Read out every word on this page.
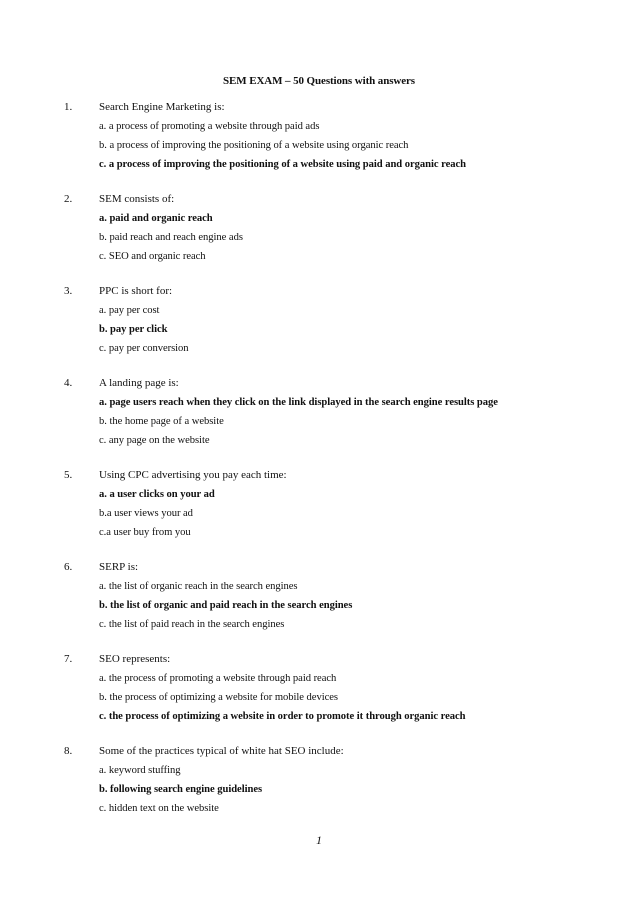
SEM EXAM – 50 Questions with answers
1.	Search Engine Marketing is:
a. a process of promoting a website through paid ads
b. a process of improving the positioning of a website using organic reach
c. a process of improving the positioning of a website using paid and organic reach
2.	SEM consists of:
a. paid and organic reach
b. paid reach and reach engine ads
c. SEO and organic reach
3.	PPC is short for:
a. pay per cost
b. pay per click
c. pay per conversion
4.	A landing page is:
a. page users reach when they click on the link displayed in the search engine results page
b. the home page of a website
c. any page on the website
5.	Using CPC advertising you pay each time:
a. a user clicks on your ad
b.a user views your ad
c.a user buy from you
6.	SERP is:
a. the list of organic reach in the search engines
b. the list of organic and paid reach in the search engines
c. the list of paid reach in the search engines
7.	SEO represents:
a. the process of promoting a website through paid reach
b. the process of optimizing a website for mobile devices
c. the process of optimizing a website in order to promote it through organic reach
8.	Some of the practices typical of white hat SEO include:
a. keyword stuffing
b. following search engine guidelines
c. hidden text on the website
1
